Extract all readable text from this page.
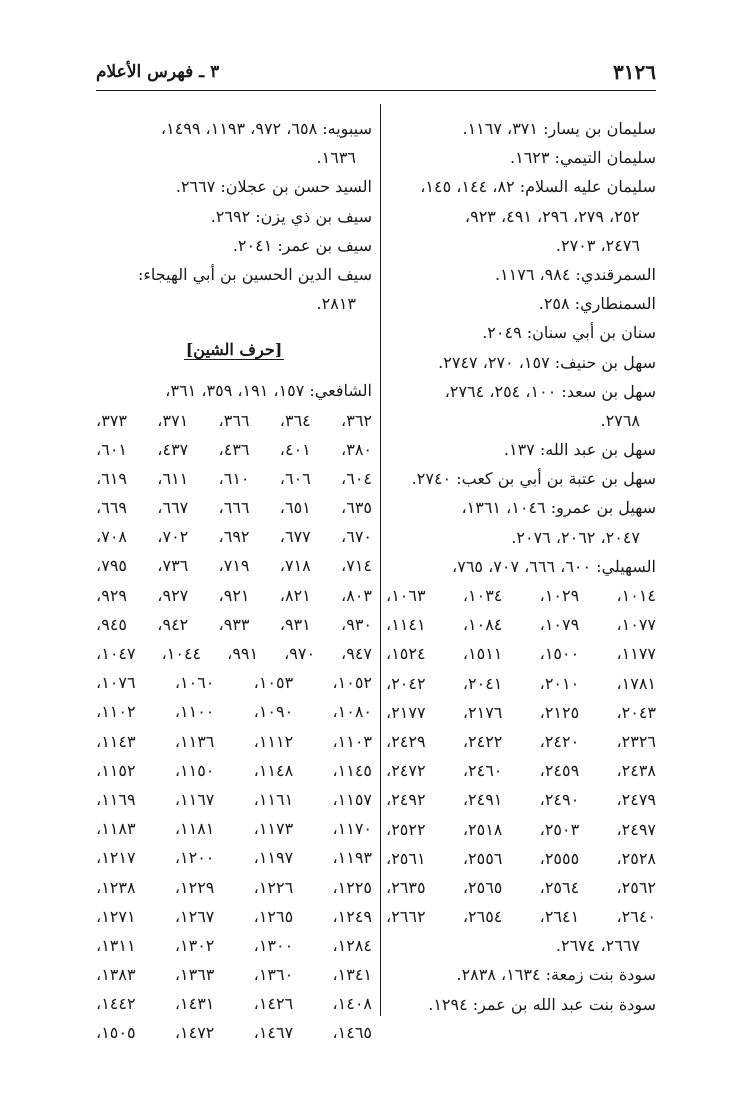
٣ ـ فهرس الأعلام	٣١٢٦
سليمان بن يسار: ٣٧١، ١١٦٧.
سليمان التيمي: ١٦٢٣.
سليمان عليه السلام: ٨٢، ١٤٤، ١٤٥،
٢٥٢، ٢٧٩، ٢٩٦، ٤٩١، ٩٢٣،
٢٤٧٦، ٢٧٠٣.
السمرقندي: ٩٨٤، ١١٧٦.
السمنطاري: ٢٥٨.
سنان بن أبي سنان: ٢٠٤٩.
سهل بن حنيف: ١٥٧، ٢٧٠، ٢٧٤٧.
سهل بن سعد: ١٠٠، ٢٥٤، ٢٧٦٤،
٢٧٦٨.
سهل بن عبد الله: ١٣٧.
سهل بن عتبة بن أبي بن كعب: ٢٧٤٠.
سهيل بن عمرو: ١٠٤٦، ١٣٦١،
٢٠٤٧، ٢٠٦٢، ٢٠٧٦.
السهيلي: ٦٠٠، ٦٦٦، ٧٠٧، ٧٦٥،
١٠١٤،
١٠٢٩،
١٠٣٤،
١٠٦٣،
١٠٧٧،
١٠٧٩،
١٠٨٤،
١١٤١،
١١٧٧،
١٥٠٠،
١٥١١،
١٥٢٤،
١٧٨١،
٢٠١٠،
٢٠٤١،
٢٠٤٢،
٢٠٤٣،
٢١٢٥،
٢١٧٦،
٢١٧٧،
٢٣٢٦،
٢٤٢٠،
٢٤٢٢،
٢٤٢٩،
٢٤٣٨،
٢٤٥٩،
٢٤٦٠،
٢٤٧٢،
٢٤٧٩،
٢٤٩٠،
٢٤٩١،
٢٤٩٢،
٢٤٩٧،
٢٥٠٣،
٢٥١٨،
٢٥٢٢،
٢٥٢٨،
٢٥٥٥،
٢٥٥٦،
٢٥٦١،
٢٥٦٢،
٢٥٦٤،
٢٥٦٥،
٢٦٣٥،
٢٦٤٠،
٢٦٤١،
٢٦٥٤،
٢٦٦٢،
٢٦٦٧، ٢٦٧٤.
سودة بنت زمعة: ١٦٣٤، ٢٨٣٨.
سودة بنت عبد الله بن عمر: ١٢٩٤.
سيبويه: ٦٥٨، ٩٧٢، ١١٩٣، ١٤٩٩،
١٦٣٦.
السيد حسن بن عجلان: ٢٦٦٧.
سيف بن ذي يزن: ٢٦٩٢.
سيف بن عمر: ٢٠٤١.
سيف الدين الحسين بن أبي الهيجاء:
٢٨١٣.
[حرف الشين]
الشافعي: ١٥٧، ١٩١، ٣٥٩، ٣٦١،
٣٦٢،
٣٦٤،
٣٦٦،
٣٧١،
٣٧٣،
٣٨٠،
٤٠١،
٤٣٦،
٤٣٧،
٦٠١،
٦٠٤،
٦٠٦،
٦١٠،
٦١١،
٦١٩،
٦٣٥،
٦٥١،
٦٦٦،
٦٦٧،
٦٦٩،
٦٧٠،
٦٧٧،
٦٩٢،
٧٠٢،
٧٠٨،
٧١٤،
٧١٨،
٧١٩،
٧٣٦،
٧٩٥،
٨٠٣،
٨٢١،
٩٢١،
٩٢٧،
٩٢٩،
٩٣٠،
٩٣١،
٩٣٣،
٩٤٢،
٩٤٥،
٩٤٧،
٩٧٠،
٩٩١،
١٠٤٤،
١٠٤٧،
١٠٥٢،
١٠٥٣،
١٠٦٠،
١٠٧٦،
١٠٨٠،
١٠٩٠،
١١٠٠،
١١٠٢،
١١٠٣،
١١١٢،
١١٣٦،
١١٤٣،
١١٤٥،
١١٤٨،
١١٥٠،
١١٥٢،
١١٥٧،
١١٦١،
١١٦٧،
١١٦٩،
١١٧٠،
١١٧٣،
١١٨١،
١١٨٣،
١١٩٣،
١١٩٧،
١٢٠٠،
١٢١٧،
١٢٢٥،
١٢٢٦،
١٢٢٩،
١٢٣٨،
١٢٤٩،
١٢٦٥،
١٢٦٧،
١٢٧١،
١٢٨٤،
١٣٠٠،
١٣٠٢،
١٣١١،
١٣٤١،
١٣٦٠،
١٣٦٣،
١٣٨٣،
١٤٠٨،
١٤٢٦،
١٤٣١،
١٤٤٢،
١٤٦٥،
١٤٦٧،
١٤٧٢،
١٥٠٥،
